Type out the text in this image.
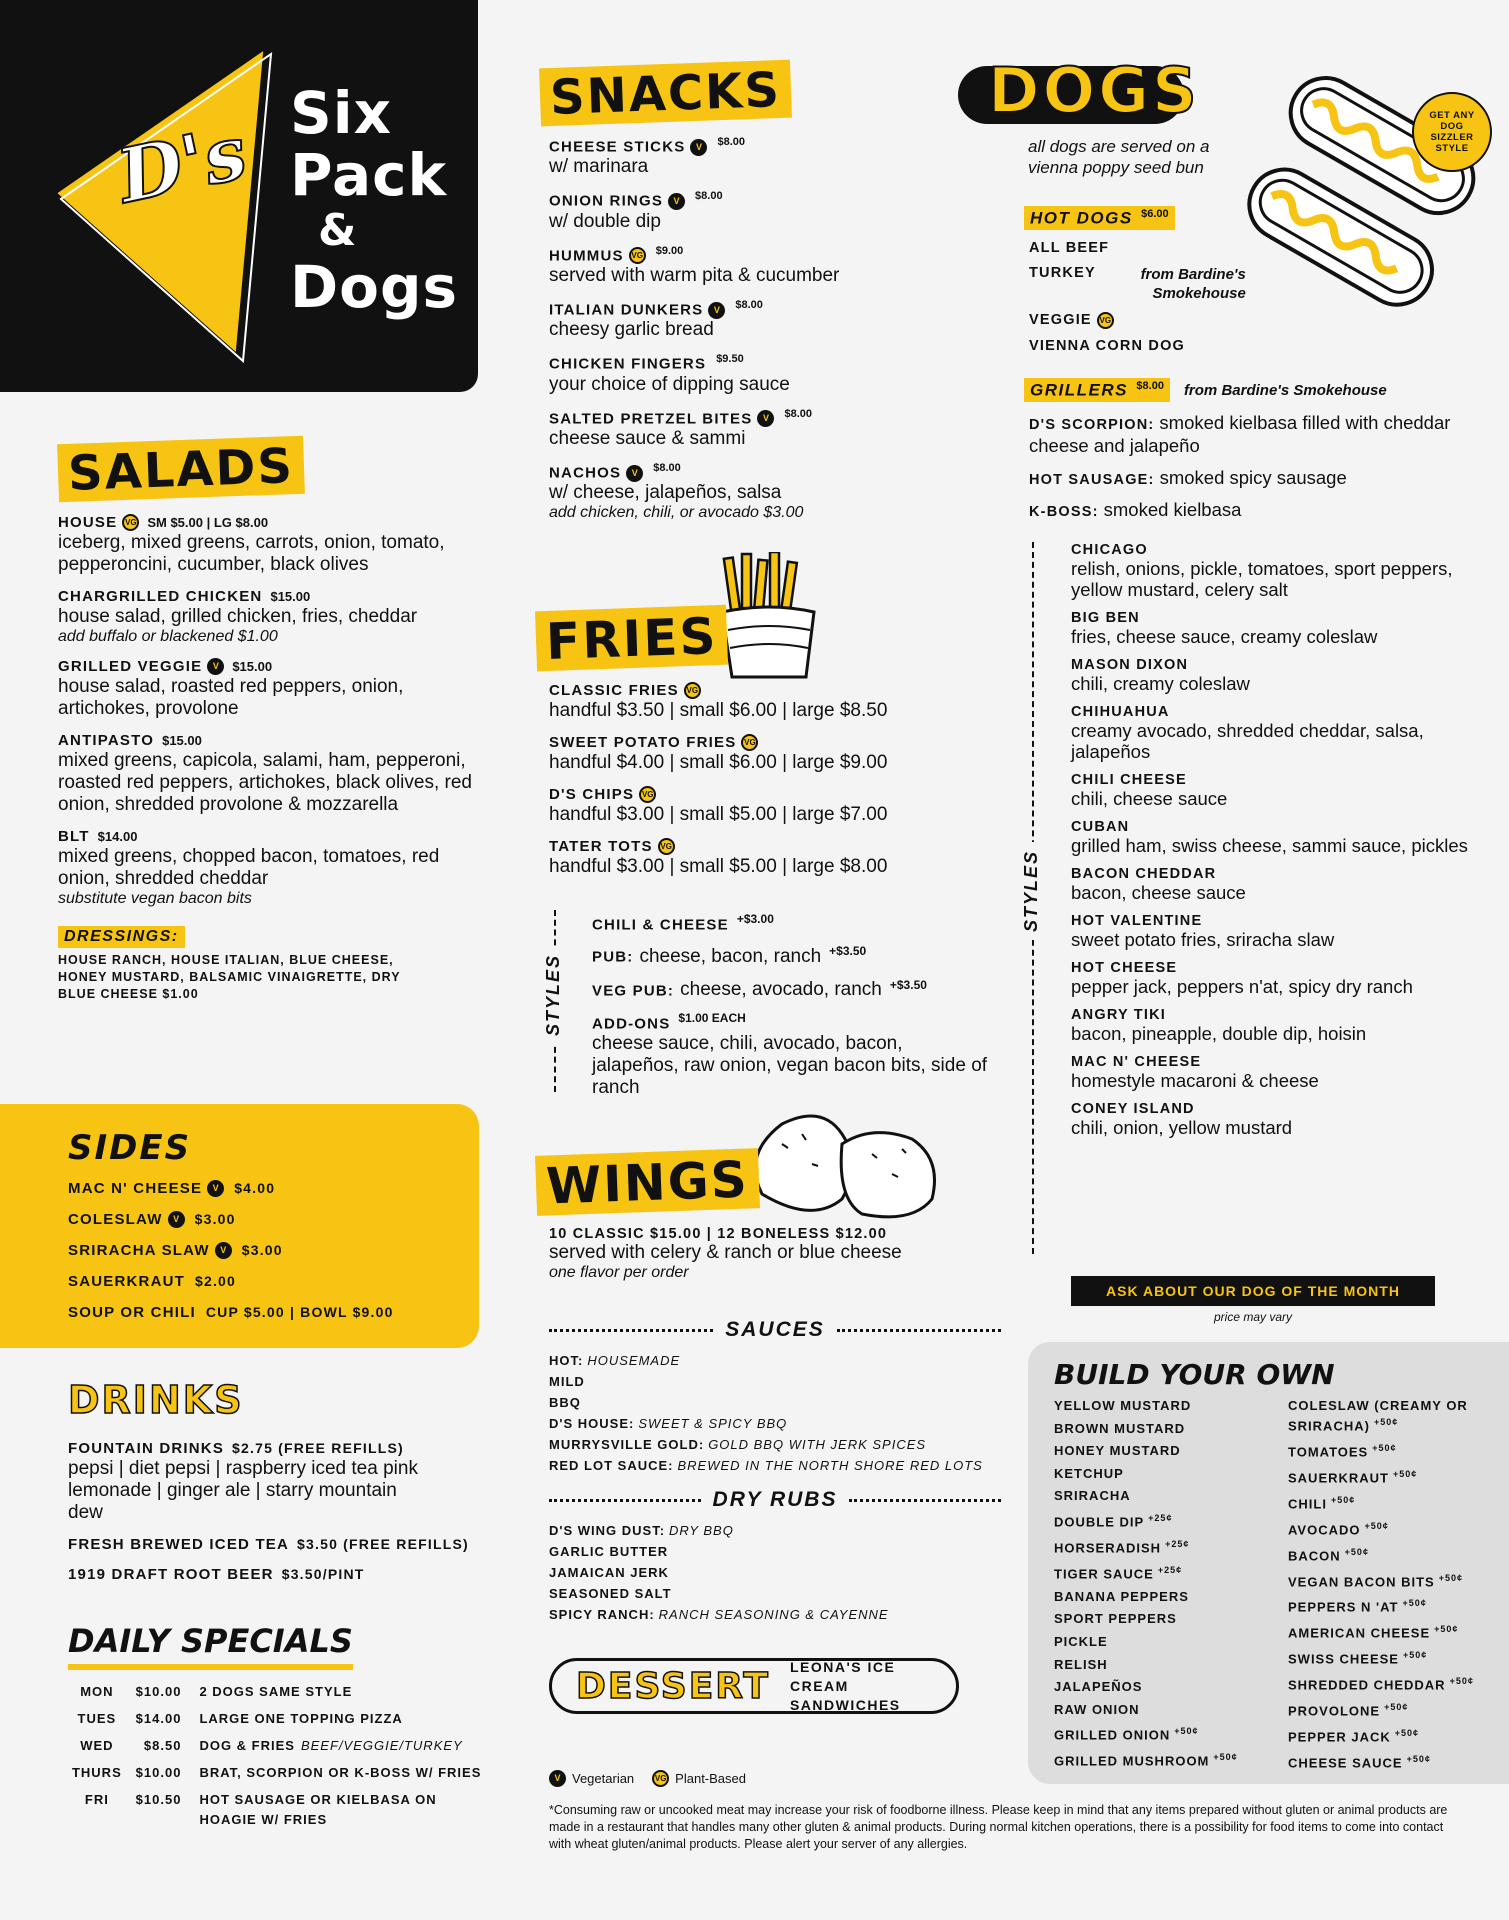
D's Six
Pack
&
Dogs
SALADS
HOUSE VG SM $5.00 | LG $8.00
iceberg, mixed greens, carrots, onion, tomato, pepperoncini, cucumber, black olives
CHARGRILLED CHICKEN $15.00
house salad, grilled chicken, fries, cheddar
add buffalo or blackened $1.00
GRILLED VEGGIE V $15.00
house salad, roasted red peppers, onion, artichokes, provolone
ANTIPASTO $15.00
mixed greens, capicola, salami, ham, pepperoni, roasted red peppers, artichokes, black olives, red onion, shredded provolone & mozzarella
BLT $14.00
mixed greens, chopped bacon, tomatoes, red onion, shredded cheddar
substitute vegan bacon bits
DRESSINGS:
HOUSE RANCH, HOUSE ITALIAN, BLUE CHEESE, HONEY MUSTARD, BALSAMIC VINAIGRETTE, DRY BLUE CHEESE $1.00
SIDES
MAC N' CHEESE V $4.00
COLESLAW V $3.00
SRIRACHA SLAW V $3.00
SAUERKRAUT $2.00
SOUP OR CHILI CUP $5.00 | BOWL $9.00
DRINKS
FOUNTAIN DRINKS $2.75 (FREE REFILLS)
pepsi | diet pepsi | raspberry iced tea pink lemonade | ginger ale | starry mountain dew
FRESH BREWED ICED TEA $3.50 (FREE REFILLS)
1919 DRAFT ROOT BEER $3.50/PINT
DAILY SPECIALS
MON	$10.00 2 DOGS SAME STYLE
TUES	$14.00 LARGE ONE TOPPING PIZZA
WED	$8.50 DOG & FRIES BEEF/VEGGIE/TURKEY
THURS	$10.00 BRAT, SCORPION OR K-BOSS W/ FRIES
FRI	$10.50 HOT SAUSAGE OR KIELBASA ON HOAGIE W/ FRIES
SNACKS
CHEESE STICKS V $^{\$8.00}$
w/ marinara
ONION RINGS V $^{\$8.00}$
w/ double dip
HUMMUS VG $^{\$9.00}$
served with warm pita & cucumber
ITALIAN DUNKERS V $^{\$8.00}$
cheesy garlic bread
CHICKEN FINGERS $^{\$9.50}$
your choice of dipping sauce
SALTED PRETZEL BITES V $^{\$8.00}$
cheese sauce & sammi
NACHOS V $^{\$8.00}$
w/ cheese, jalapeños, salsa
add chicken, chili, or avocado $3.00
FRIES
CLASSIC FRIES VG
handful $3.50 | small $6.00 | large $8.50
SWEET POTATO FRIES VG
handful $4.00 | small $6.00 | large $9.00
D'S CHIPS VG
handful $3.00 | small $5.00 | large $7.00
TATER TOTS VG
handful $3.00 | small $5.00 | large $8.00
STYLES
CHILI & CHEESE $^{+\$3.00}$
PUB: cheese, bacon, ranch $^{+\$3.50}$
VEG PUB: cheese, avocado, ranch $^{+\$3.50}$
ADD-ONS $^{\$1.00 EACH}$
cheese sauce, chili, avocado, bacon, jalapeños, raw onion, vegan bacon bits, side of ranch
WINGS
10 CLASSIC $15.00 | 12 BONELESS $12.00
served with celery & ranch or blue cheese
one flavor per order
SAUCES
HOT: HOUSEMADE
MILD
BBQ
D'S HOUSE: SWEET & SPICY BBQ
MURRYSVILLE GOLD: GOLD BBQ WITH JERK SPICES
RED LOT SAUCE: BREWED IN THE NORTH SHORE RED LOTS
DRY RUBS
D'S WING DUST: DRY BBQ
GARLIC BUTTER
JAMAICAN JERK
SEASONED SALT
SPICY RANCH: RANCH SEASONING & CAYENNE
DESSERT LEONA'S ICE CREAM SANDWICHES
V Vegetarian	VG Plant-Based
*Consuming raw or uncooked meat may increase your risk of foodborne illness. Please keep in mind that any items prepared without gluten or animal products are made in a restaurant that handles many other gluten & animal products. During normal kitchen operations, there is a possibility for food items to come into contact with wheat gluten/animal products. Please alert your server of any allergies.
DOGS
all dogs are served on a vienna poppy seed bun
GET ANY DOG SIZZLER STYLE
HOT DOGS $^{\$6.00}$
ALL BEEF
TURKEY	from Bardine's Smokehouse
VEGGIE VG
VIENNA CORN DOG
GRILLERS $^{\$8.00}$	from Bardine's Smokehouse
D'S SCORPION: smoked kielbasa filled with cheddar cheese and jalapeño
HOT SAUSAGE: smoked spicy sausage
K-BOSS: smoked kielbasa
STYLES
CHICAGO
relish, onions, pickle, tomatoes, sport peppers, yellow mustard, celery salt
BIG BEN
fries, cheese sauce, creamy coleslaw
MASON DIXON
chili, creamy coleslaw
CHIHUAHUA
creamy avocado, shredded cheddar, salsa, jalapeños
CHILI CHEESE
chili, cheese sauce
CUBAN
grilled ham, swiss cheese, sammi sauce, pickles
BACON CHEDDAR
bacon, cheese sauce
HOT VALENTINE
sweet potato fries, sriracha slaw
HOT CHEESE
pepper jack, peppers n'at, spicy dry ranch
ANGRY TIKI
bacon, pineapple, double dip, hoisin
MAC N' CHEESE
homestyle macaroni & cheese
CONEY ISLAND
chili, onion, yellow mustard
ASK ABOUT OUR DOG OF THE MONTH
price may vary
BUILD YOUR OWN
YELLOW MUSTARD
BROWN MUSTARD
HONEY MUSTARD
KETCHUP
SRIRACHA
DOUBLE DIP $^{+25¢}$
HORSERADISH $^{+25¢}$
TIGER SAUCE $^{+25¢}$
BANANA PEPPERS
SPORT PEPPERS
PICKLE
RELISH
JALAPEÑOS
RAW ONION
GRILLED ONION $^{+50¢}$
GRILLED MUSHROOM $^{+50¢}$
COLESLAW (CREAMY OR SRIRACHA) $^{+50¢}$
TOMATOES $^{+50¢}$
SAUERKRAUT $^{+50¢}$
CHILI $^{+50¢}$
AVOCADO $^{+50¢}$
BACON $^{+50¢}$
VEGAN BACON BITS $^{+50¢}$
PEPPERS N 'AT $^{+50¢}$
AMERICAN CHEESE $^{+50¢}$
SWISS CHEESE $^{+50¢}$
SHREDDED CHEDDAR $^{+50¢}$
PROVOLONE $^{+50¢}$
PEPPER JACK $^{+50¢}$
CHEESE SAUCE $^{+50¢}$
